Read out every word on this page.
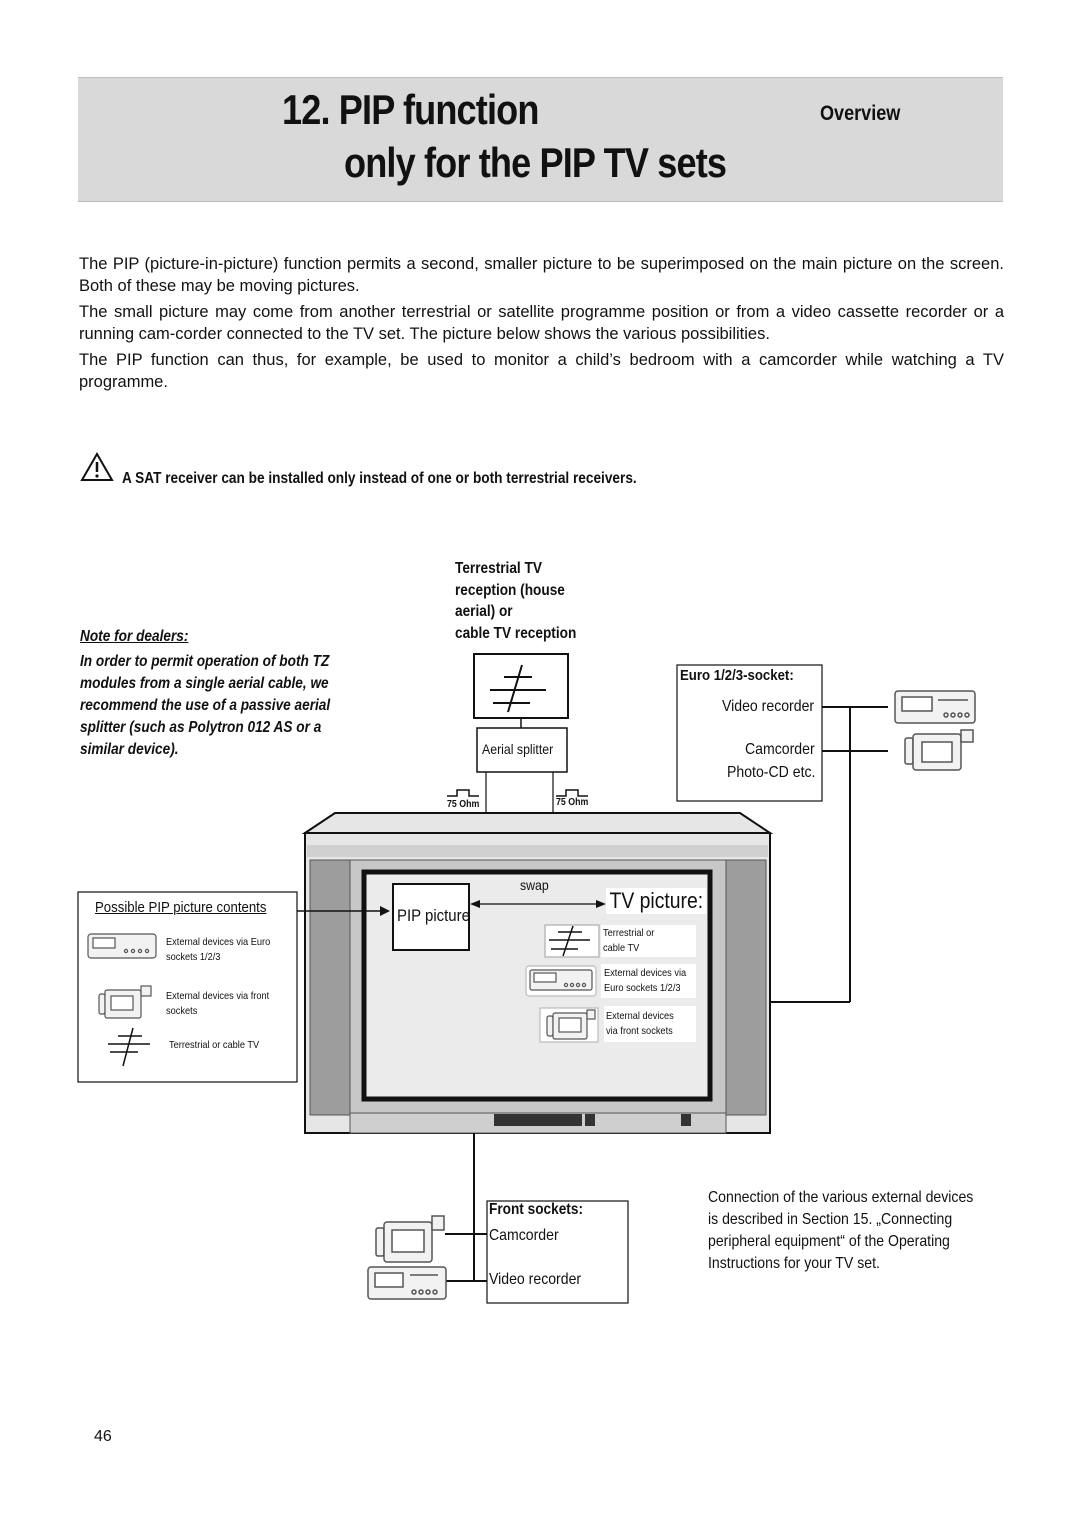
12. PIP function
only for the PIP TV sets
Overview
The PIP (picture-in-picture) function permits a second, smaller picture to be superimposed on the main picture on the screen. Both of these may be moving pictures.
The small picture may come from another terrestrial or satellite programme position or from a video cassette recorder or a running cam-corder connected to the TV set. The picture below shows the various possibilities.
The PIP function can thus, for example, be used to monitor a child’s bedroom with a camcorder while watching a TV programme.
A SAT receiver can be installed only instead of one or both terrestrial receivers.
Note for dealers:
In order to permit operation of both TZ
modules from a single aerial cable, we
recommend the use of a passive aerial
splitter (such as Polytron 012 AS or a
similar device).
Terrestrial TV
reception (house
aerial) or
cable TV reception
Aerial splitter
75 Ohm	75 Ohm
Euro 1/2/3-socket:
Video recorder
Camcorder
Photo-CD etc.
Possible PIP picture contents
External devices via Euro
sockets 1/2/3
External devices via front
sockets
Terrestrial or cable TV
swap
PIP picture
TV picture:
Terrestrial or
cable TV
External devices via
Euro sockets 1/2/3
External devices
via front sockets
Front sockets:
Camcorder
Video recorder
Connection of the various external devices
is described in Section 15. „Connecting
peripheral equipment“ of the Operating
Instructions for your TV set.
46
